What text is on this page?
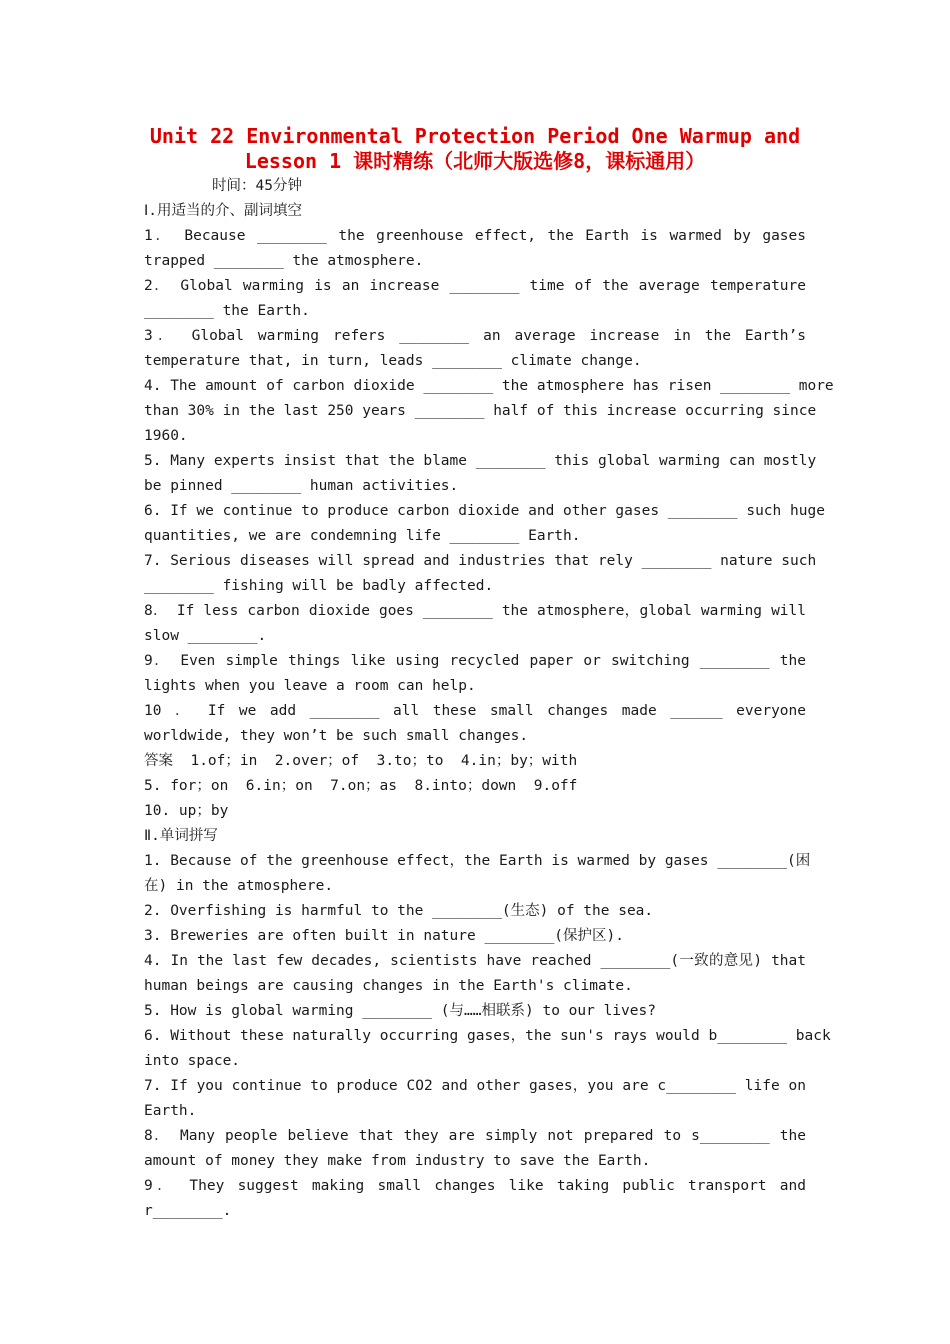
Unit 22 Environmental Protection Period One Warmup and
Lesson 1 课时精练（北师大版选修8，课标通用）
时间：45分钟
Ⅰ.用适当的介、副词填空
1． Because ________ the greenhouse effect, the Earth is warmed by gases
trapped ________ the atmosphere.
2． Global warming is an increase ________ time of the average temperature
________ the Earth.
3． Global warming refers ________ an average increase in the Earth’s
temperature that, in turn, leads ________ climate change.
4. The amount of carbon dioxide ________ the atmosphere has risen ________ more
than 30% in the last 250 years ________ half of this increase occurring since
1960.
5. Many experts insist that the blame ________ this global warming can mostly
be pinned ________ human activities.
6. If we continue to produce carbon dioxide and other gases ________ such huge
quantities, we are condemning life ________ Earth.
7. Serious diseases will spread and industries that rely ________ nature such
________ fishing will be badly affected.
8． If less carbon dioxide goes ________ the atmosphere，global warming will
slow ________.
9． Even simple things like using recycled paper or switching ________ the
lights when you leave a room can help.
10 ． If we add ________ all these small changes made ______ everyone
worldwide, they won’t be such small changes.
答案  1.of；in  2.over；of  3.to；to  4.in；by；with
5. for；on  6.in；on  7.on；as  8.into；down  9.off
10. up；by
Ⅱ.单词拼写
1. Because of the greenhouse effect，the Earth is warmed by gases ________(困
在) in the atmosphere.
2. Overfishing is harmful to the ________(生态) of the sea.
3. Breweries are often built in nature ________(保护区).
4. In the last few decades, scientists have reached ________(一致的意见) that
human beings are causing changes in the Earth's climate.
5. How is global warming ________ (与……相联系) to our lives?
6. Without these naturally occurring gases，the sun's rays would b________ back
into space.
7. If you continue to produce CO2 and other gases，you are c________ life on
Earth.
8． Many people believe that they are simply not prepared to s________ the
amount of money they make from industry to save the Earth.
9． They suggest making small changes like taking public transport and
r________.
